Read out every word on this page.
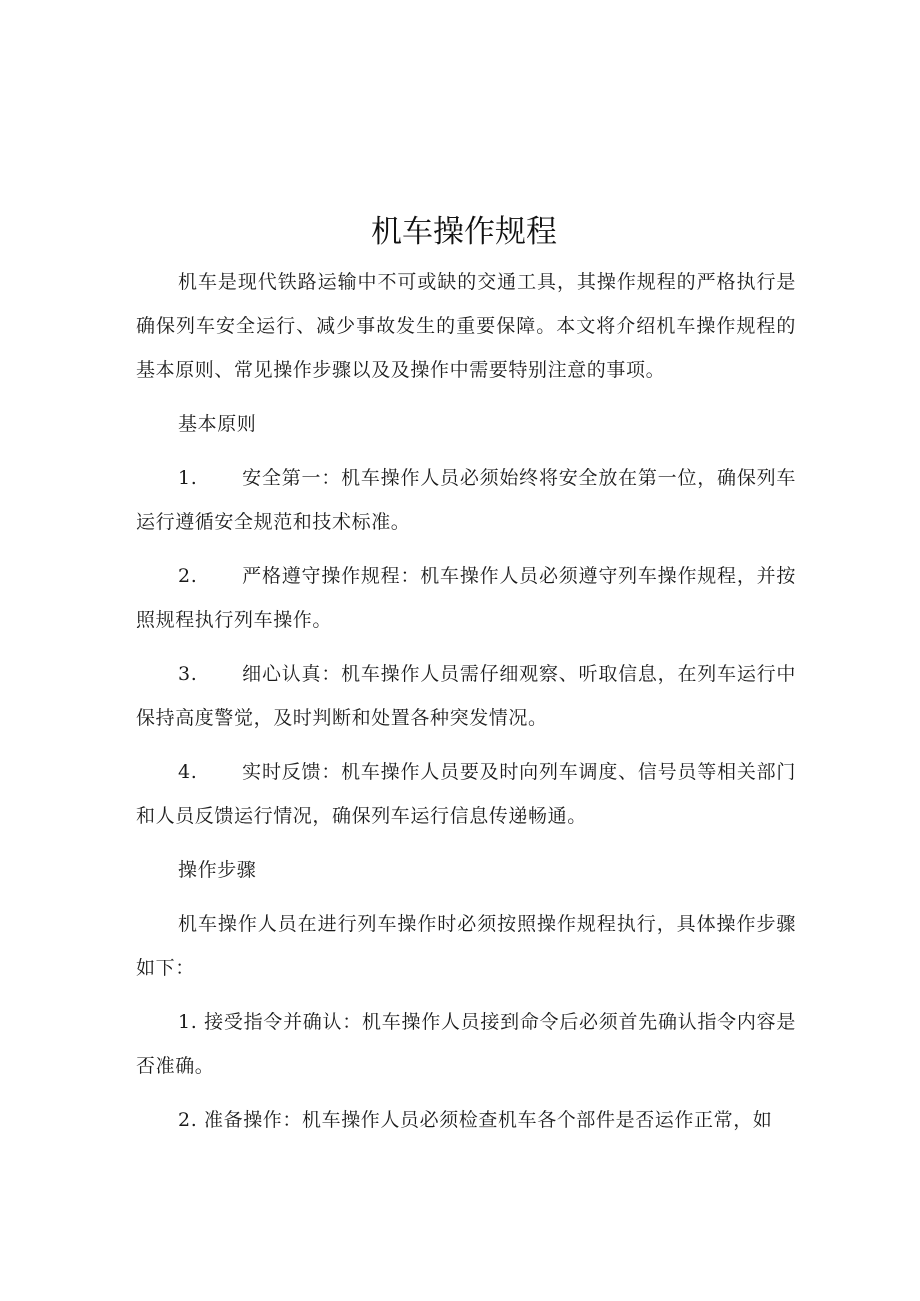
机车操作规程

机车是现代铁路运输中不可或缺的交通工具，其操作规程的严格执行是确保列车安全运行、减少事故发生的重要保障。本文将介绍机车操作规程的基本原则、常见操作步骤以及及操作中需要特别注意的事项。

基本原则

1. 安全第一：机车操作人员必须始终将安全放在第一位，确保列车运行遵循安全规范和技术标准。

2. 严格遵守操作规程：机车操作人员必须遵守列车操作规程，并按照规程执行列车操作。

3. 细心认真：机车操作人员需仔细观察、听取信息，在列车运行中保持高度警觉，及时判断和处置各种突发情况。

4. 实时反馈：机车操作人员要及时向列车调度、信号员等相关部门和人员反馈运行情况，确保列车运行信息传递畅通。

操作步骤

机车操作人员在进行列车操作时必须按照操作规程执行，具体操作步骤如下：

1. 接受指令并确认：机车操作人员接到命令后必须首先确认指令内容是否准确。

2. 准备操作：机车操作人员必须检查机车各个部件是否运作正常，如
